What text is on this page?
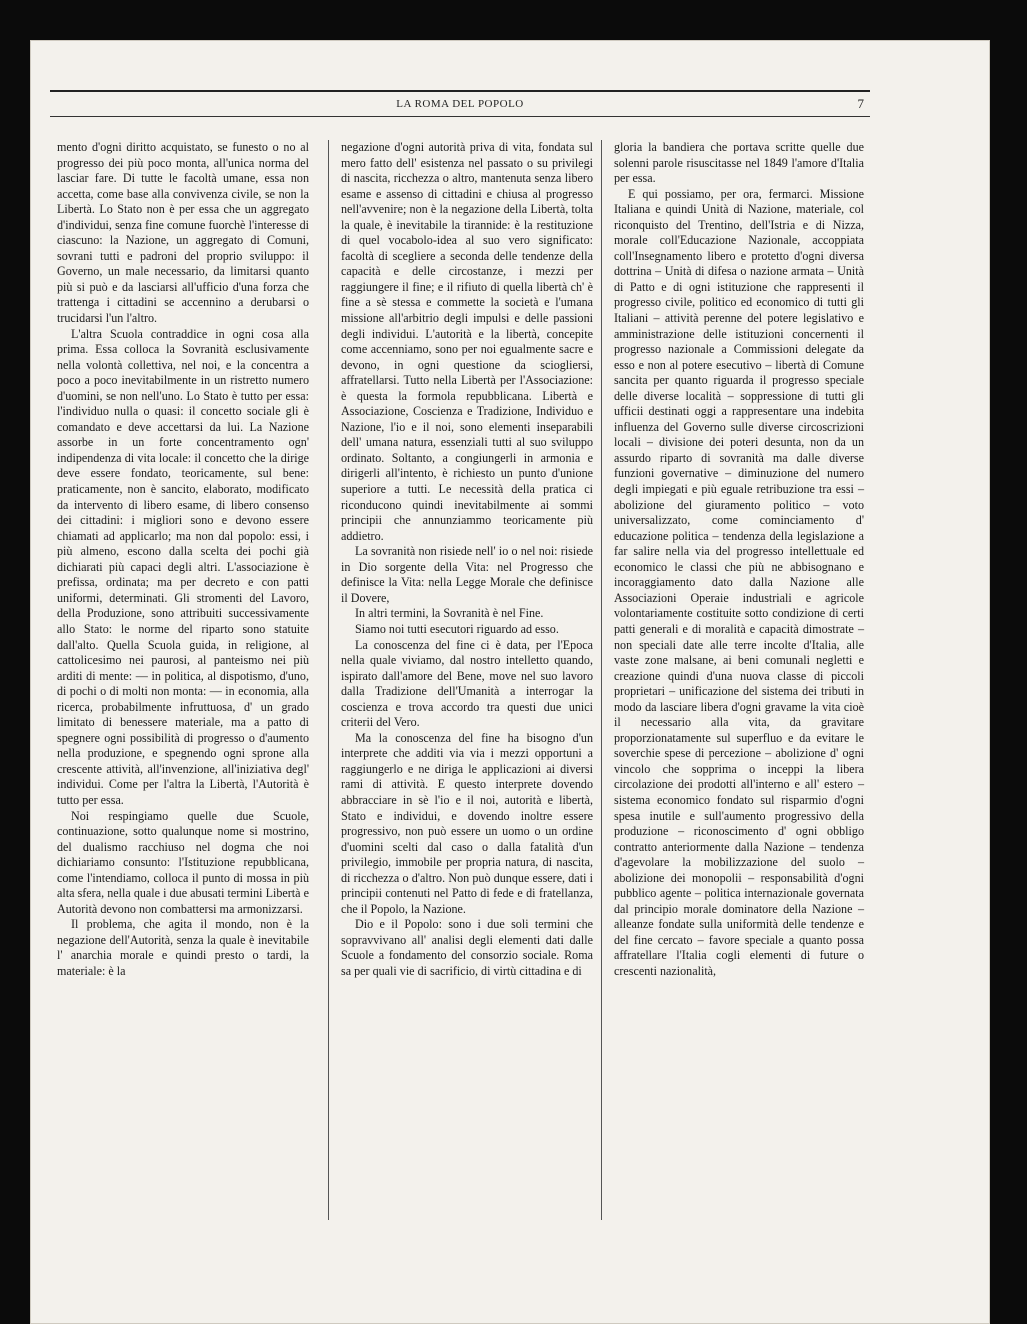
LA ROMA DEL POPOLO	7

mento d'ogni diritto acquistato, se funesto o no al progresso dei più poco monta, all'unica norma del lasciar fare. Di tutte le facoltà umane, essa non accetta, come base alla convivenza civile, se non la Libertà. Lo Stato non è per essa che un aggregato d'individui, senza fine comune fuorchè l'interesse di ciascuno: la Nazione, un aggregato di Comuni, sovrani tutti e padroni del proprio sviluppo: il Governo, un male necessario, da limitarsi quanto più si può e da lasciarsi all'ufficio d'una forza che trattenga i cittadini se accennino a derubarsi o trucidarsi l'un l'altro.

L'altra Scuola contraddice in ogni cosa alla prima. Essa colloca la Sovranità esclusivamente nella volontà collettiva, nel noi, e la concentra a poco a poco inevitabilmente in un ristretto numero d'uomini, se non nell'uno. Lo Stato è tutto per essa: l'individuo nulla o quasi: il concetto sociale gli è comandato e deve accettarsi da lui. La Nazione assorbe in un forte concentramento ogn' indipendenza di vita locale: il concetto che la dirige deve essere fondato, teoricamente, sul bene: praticamente, non è sancito, elaborato, modificato da intervento di libero esame, di libero consenso dei cittadini: i migliori sono e devono essere chiamati ad applicarlo; ma non dal popolo: essi, i più almeno, escono dalla scelta dei pochi già dichiarati più capaci degli altri. L'associazione è prefissa, ordinata; ma per decreto e con patti uniformi, determinati. Gli stromenti del Lavoro, della Produzione, sono attribuiti successivamente allo Stato: le norme del riparto sono statuite dall'alto. Quella Scuola guida, in religione, al cattolicesimo nei paurosi, al panteismo nei più arditi di mente: — in politica, al dispotismo, d'uno, di pochi o di molti non monta: — in economia, alla ricerca, probabilmente infruttuosa, d' un grado limitato di benessere materiale, ma a patto di spegnere ogni possibilità di progresso o d'aumento nella produzione, e spegnendo ogni sprone alla crescente attività, all'invenzione, all'iniziativa degl' individui. Come per l'altra la Libertà, l'Autorità è tutto per essa.

Noi respingiamo quelle due Scuole, continuazione, sotto qualunque nome si mostrino, del dualismo racchiuso nel dogma che noi dichiariamo consunto: l'Istituzione repubblicana, come l'intendiamo, colloca il punto di mossa in più alta sfera, nella quale i due abusati termini Libertà e Autorità devono non combattersi ma armonizzarsi.

Il problema, che agita il mondo, non è la negazione dell'Autorità, senza la quale è inevitabile l' anarchia morale e quindi presto o tardi, la materiale: è la

negazione d'ogni autorità priva di vita, fondata sul mero fatto dell' esistenza nel passato o su privilegi di nascita, ricchezza o altro, mantenuta senza libero esame e assenso di cittadini e chiusa al progresso nell'avvenire; non è la negazione della Libertà, tolta la quale, è inevitabile la tirannide: è la restituzione di quel vocabolo-idea al suo vero significato: facoltà di scegliere a seconda delle tendenze della capacità e delle circostanze, i mezzi per raggiungere il fine; e il rifiuto di quella libertà ch' è fine a sè stessa e commette la società e l'umana missione all'arbitrio degli impulsi e delle passioni degli individui. L'autorità e la libertà, concepite come accenniamo, sono per noi egualmente sacre e devono, in ogni questione da sciogliersi, affratellarsi. Tutto nella Libertà per l'Associazione: è questa la formola repubblicana. Libertà e Associazione, Coscienza e Tradizione, Individuo e Nazione, l'io e il noi, sono elementi inseparabili dell' umana natura, essenziali tutti al suo sviluppo ordinato. Soltanto, a congiungerli in armonia e dirigerli all'intento, è richiesto un punto d'unione superiore a tutti. Le necessità della pratica ci riconducono quindi inevitabilmente ai sommi principii che annunziammo teoricamente più addietro.

La sovranità non risiede nell' io o nel noi: risiede in Dio sorgente della Vita: nel Progresso che definisce la Vita: nella Legge Morale che definisce il Dovere,

In altri termini, la Sovranità è nel Fine.

Siamo noi tutti esecutori riguardo ad esso.

La conoscenza del fine ci è data, per l'Epoca nella quale viviamo, dal nostro intelletto quando, ispirato dall'amore del Bene, move nel suo lavoro dalla Tradizione dell'Umanità a interrogar la coscienza e trova accordo tra questi due unici criterii del Vero.

Ma la conoscenza del fine ha bisogno d'un interprete che additi via via i mezzi opportuni a raggiungerlo e ne diriga le applicazioni ai diversi rami di attività. E questo interprete dovendo abbracciare in sè l'io e il noi, autorità e libertà, Stato e individui, e dovendo inoltre essere progressivo, non può essere un uomo o un ordine d'uomini scelti dal caso o dalla fatalità d'un privilegio, immobile per propria natura, di nascita, di ricchezza o d'altro. Non può dunque essere, dati i principii contenuti nel Patto di fede e di fratellanza, che il Popolo, la Nazione.

Dio e il Popolo: sono i due soli termini che sopravvivano all' analisi degli elementi dati dalle Scuole a fondamento del consorzio sociale. Roma sa per quali vie di sacrificio, di virtù cittadina e di

gloria la bandiera che portava scritte quelle due solenni parole risuscitasse nel 1849 l'amore d'Italia per essa.

E qui possiamo, per ora, fermarci. Missione Italiana e quindi Unità di Nazione, materiale, col riconquisto del Trentino, dell'Istria e di Nizza, morale coll'Educazione Nazionale, accoppiata coll'Insegnamento libero e protetto d'ogni diversa dottrina – Unità di difesa o nazione armata – Unità di Patto e di ogni istituzione che rappresenti il progresso civile, politico ed economico di tutti gli Italiani – attività perenne del potere legislativo e amministrazione delle istituzioni concernenti il progresso nazionale a Commissioni delegate da esso e non al potere esecutivo – libertà di Comune sancita per quanto riguarda il progresso speciale delle diverse località – soppressione di tutti gli ufficii destinati oggi a rappresentare una indebita influenza del Governo sulle diverse circoscrizioni locali – divisione dei poteri desunta, non da un assurdo riparto di sovranità ma dalle diverse funzioni governative – diminuzione del numero degli impiegati e più eguale retribuzione tra essi – abolizione del giuramento politico – voto universalizzato, come cominciamento d' educazione politica – tendenza della legislazione a far salire nella via del progresso intellettuale ed economico le classi che più ne abbisognano e incoraggiamento dato dalla Nazione alle Associazioni Operaie industriali e agricole volontariamente costituite sotto condizione di certi patti generali e di moralità e capacità dimostrate – non speciali date alle terre incolte d'Italia, alle vaste zone malsane, ai beni comunali negletti e creazione quindi d'una nuova classe di piccoli proprietari – unificazione del sistema dei tributi in modo da lasciare libera d'ogni gravame la vita cioè il necessario alla vita, da gravitare proporzionatamente sul superfluo e da evitare le soverchie spese di percezione – abolizione d' ogni vincolo che sopprima o inceppi la libera circolazione dei prodotti all'interno e all' estero – sistema economico fondato sul risparmio d'ogni spesa inutile e sull'aumento progressivo della produzione – riconoscimento d' ogni obbligo contratto anteriormente dalla Nazione – tendenza d'agevolare la mobilizzazione del suolo – abolizione dei monopolii – responsabilità d'ogni pubblico agente – politica internazionale governata dal principio morale dominatore della Nazione – alleanze fondate sulla uniformità delle tendenze e del fine cercato – favore speciale a quanto possa affratellare l'Italia cogli elementi di future o crescenti nazionalità,
